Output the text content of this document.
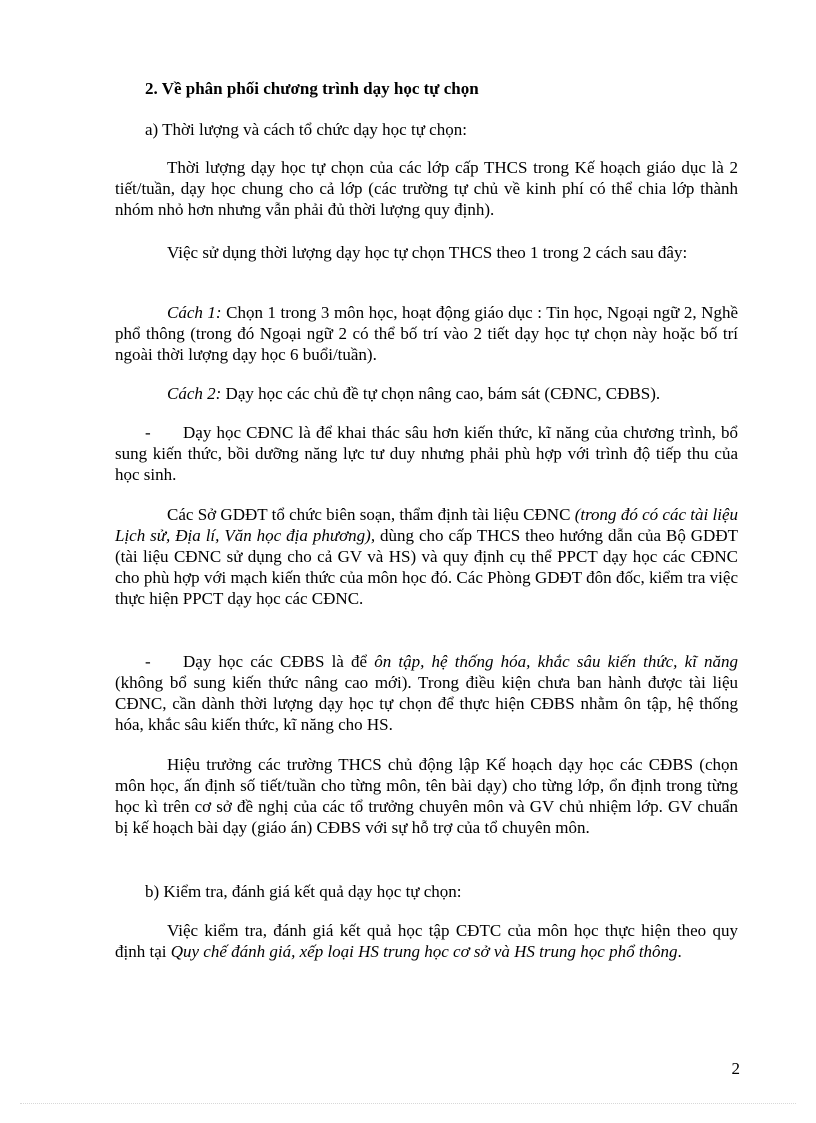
2. Về phân phối chương trình dạy học tự chọn

a) Thời lượng và cách tổ chức dạy học tự chọn:

Thời lượng dạy học tự chọn của các lớp cấp THCS trong Kế hoạch giáo dục là 2 tiết/tuần, dạy học chung cho cả lớp (các trường tự chủ về kinh phí có thể chia lớp thành nhóm nhỏ hơn nhưng vẫn phải đủ thời lượng quy định).

Việc sử dụng thời lượng dạy học tự chọn THCS theo 1 trong 2 cách sau đây:

Cách 1: Chọn 1 trong 3 môn học, hoạt động giáo dục : Tin học, Ngoại ngữ 2, Nghề phổ thông (trong đó Ngoại ngữ 2 có thể bố trí vào 2 tiết dạy học tự chọn này hoặc bố trí ngoài thời lượng dạy học 6 buổi/tuần).

Cách 2: Dạy học các chủ đề tự chọn nâng cao, bám sát (CĐNC, CĐBS).

- Dạy học CĐNC là để khai thác sâu hơn kiến thức, kĩ năng của chương trình, bổ sung kiến thức, bồi dưỡng năng lực tư duy nhưng phải phù hợp với trình độ tiếp thu của học sinh.

Các Sở GDĐT tổ chức biên soạn, thẩm định tài liệu CĐNC (trong đó có các tài liệu Lịch sử, Địa lí, Văn học địa phương), dùng cho cấp THCS theo hướng dẫn của Bộ GDĐT (tài liệu CĐNC sử dụng cho cả GV và HS) và quy định cụ thể PPCT dạy học các CĐNC cho phù hợp với mạch kiến thức của môn học đó. Các Phòng GDĐT đôn đốc, kiểm tra việc thực hiện PPCT dạy học các CĐNC.

- Dạy học các CĐBS là để ôn tập, hệ thống hóa, khắc sâu kiến thức, kĩ năng (không bổ sung kiến thức nâng cao mới). Trong điều kiện chưa ban hành được tài liệu CĐNC, cần dành thời lượng dạy học tự chọn để thực hiện CĐBS nhằm ôn tập, hệ thống hóa, khắc sâu kiến thức, kĩ năng cho HS.

Hiệu trưởng các trường THCS chủ động lập Kế hoạch dạy học các CĐBS (chọn môn học, ấn định số tiết/tuần cho từng môn, tên bài dạy) cho từng lớp, ổn định trong từng học kì trên cơ sở đề nghị của các tổ trưởng chuyên môn và GV chủ nhiệm lớp. GV chuẩn bị kế hoạch bài dạy (giáo án) CĐBS với sự hỗ trợ của tổ chuyên môn.

b) Kiểm tra, đánh giá kết quả dạy học tự chọn:

Việc kiểm tra, đánh giá kết quả học tập CĐTC của môn học thực hiện theo quy định tại Quy chế đánh giá, xếp loại HS trung học cơ sở và HS trung học phổ thông.

2
